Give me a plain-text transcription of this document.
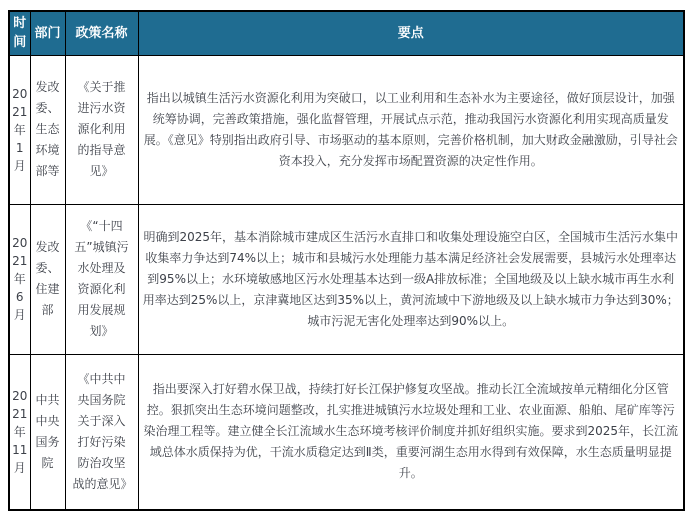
时间	部门	政策名称	要点
2021年1月	发改委、生态环境部等	《关于推进污水资源化利用的指导意见》	指出以城镇生活污水资源化利用为突破口，以工业利用和生态补水为主要途径，做好顶层设计，加强统筹协调，完善政策措施，强化监督管理，开展试点示范，推动我国污水资源化利用实现高质量发展。《意见》特别指出政府引导、市场驱动的基本原则，完善价格机制，加大财政金融激励，引导社会资本投入，充分发挥市场配置资源的决定性作用。
2021年6月	发改委、住建部	《“十四五”城镇污水处理及资源化利用发展规划》	明确到2025年，基本消除城市建成区生活污水直排口和收集处理设施空白区，全国城市生活污水集中收集率力争达到74%以上；城市和县城污水处理能力基本满足经济社会发展需要，县城污水处理率达到95%以上；水环境敏感地区污水处理基本达到一级A排放标准；全国地级及以上缺水城市再生水利用率达到25%以上，京津冀地区达到35%以上，黄河流域中下游地级及以上缺水城市力争达到30%；城市污泥无害化处理率达到90%以上。
2021年11月	中共中央国务院	《中共中央国务院关于深入打好污染防治攻坚战的意见》	指出要深入打好碧水保卫战，持续打好长江保护修复攻坚战。推动长江全流域按单元精细化分区管控。狠抓突出生态环境问题整改，扎实推进城镇污水垃圾处理和工业、农业面源、船舶、尾矿库等污染治理工程等。建立健全长江流域水生态环境考核评价制度并抓好组织实施。要求到2025年，长江流域总体水质保持为优，干流水质稳定达到Ⅱ类，重要河湖生态用水得到有效保障，水生态质量明显提升。
